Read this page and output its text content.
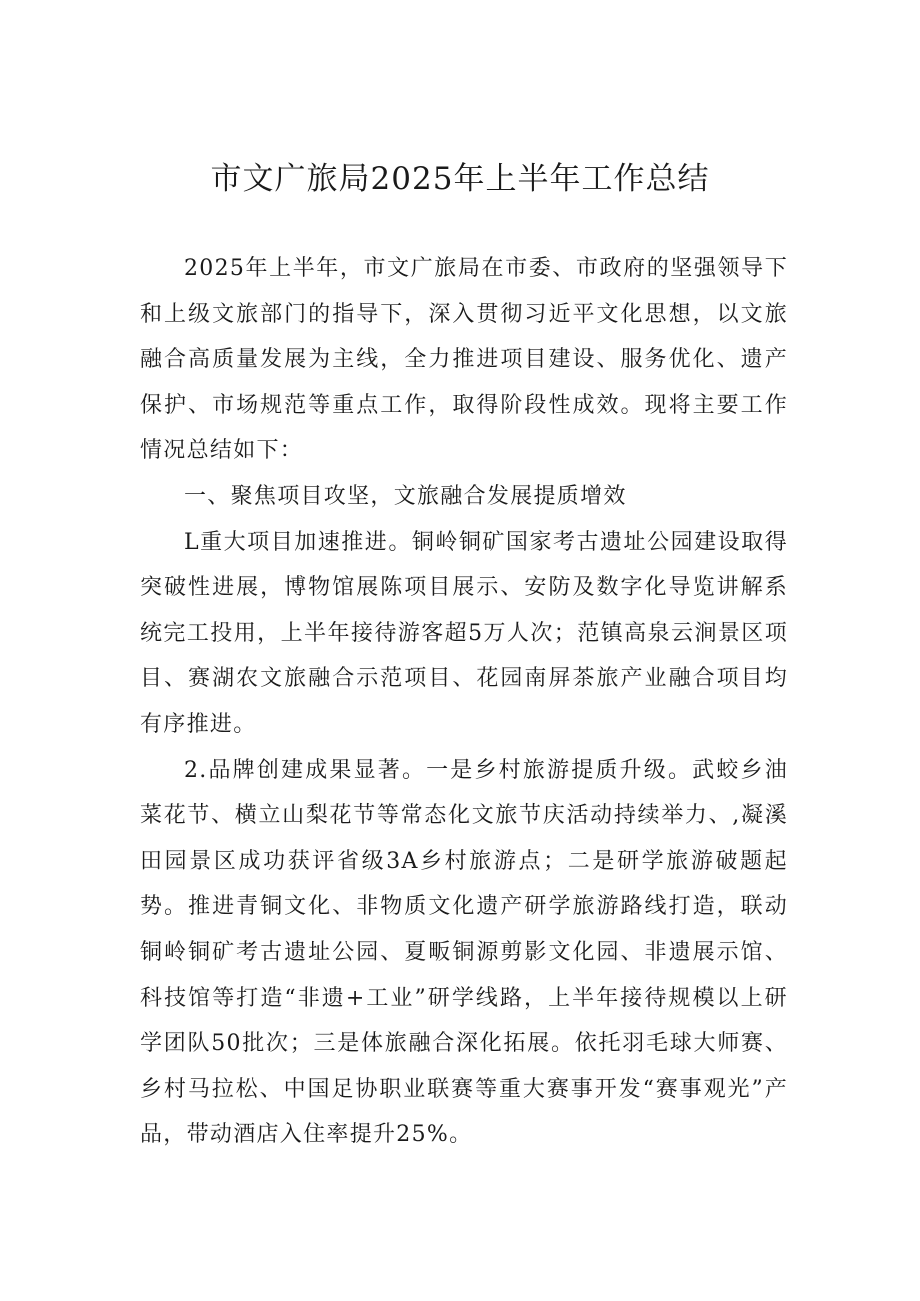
市文广旅局2025年上半年工作总结

2025年上半年，市文广旅局在市委、市政府的坚强领导下和上级文旅部门的指导下，深入贯彻习近平文化思想，以文旅融合高质量发展为主线，全力推进项目建设、服务优化、遗产保护、市场规范等重点工作，取得阶段性成效。现将主要工作情况总结如下：

一、聚焦项目攻坚，文旅融合发展提质增效

L重大项目加速推进。铜岭铜矿国家考古遗址公园建设取得突破性进展，博物馆展陈项目展示、安防及数字化导览讲解系统完工投用，上半年接待游客超5万人次；范镇高泉云涧景区项目、赛湖农文旅融合示范项目、花园南屏茶旅产业融合项目均有序推进。

2.品牌创建成果显著。一是乡村旅游提质升级。武蛟乡油菜花节、横立山梨花节等常态化文旅节庆活动持续举力、,凝溪田园景区成功获评省级3A乡村旅游点；二是研学旅游破题起势。推进青铜文化、非物质文化遗产研学旅游路线打造，联动铜岭铜矿考古遗址公园、夏畈铜源剪影文化园、非遗展示馆、科技馆等打造“非遗+工业”研学线路，上半年接待规模以上研学团队50批次；三是体旅融合深化拓展。依托羽毛球大师赛、乡村马拉松、中国足协职业联赛等重大赛事开发“赛事观光”产品，带动酒店入住率提升25%。
